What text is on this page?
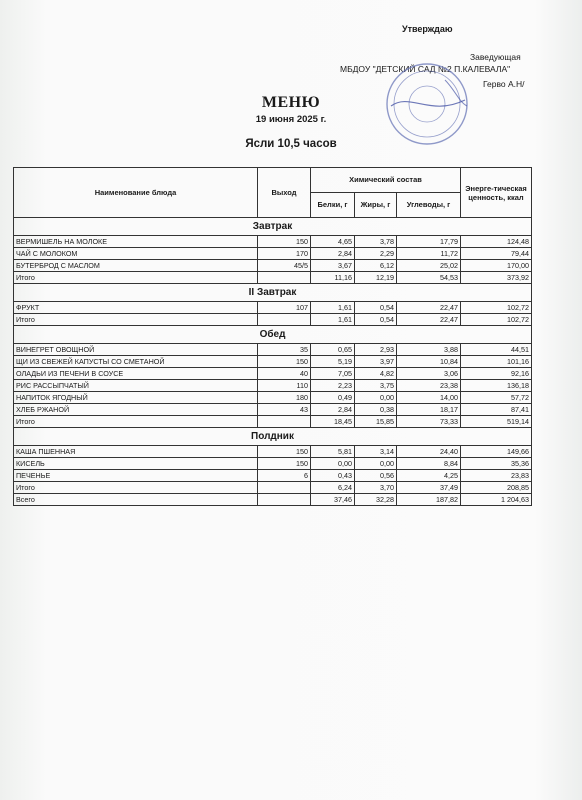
Утверждаю
Заведующая
МБДОУ "ДЕТСКИЙ САД №2 П.КАЛЕВАЛА"
Герво А.Н/
МЕНЮ
19 июня 2025 г.
Ясли 10,5 часов
Наименование блюда	Выход	Химический состав			Энерге-тическая ценность, ккал
		Белки, г	Жиры, г	Углеводы, г	
Завтрак					
ВЕРМИШЕЛЬ НА МОЛОКЕ	150	4,65	3,78	17,79	124,48
ЧАЙ С МОЛОКОМ	170	2,84	2,29	11,72	79,44
БУТЕРБРОД С МАСЛОМ	45/5	3,67	6,12	25,02	170,00
Итого		11,16	12,19	54,53	373,92
II Завтрак					
ФРУКТ	107	1,61	0,54	22,47	102,72
Итого		1,61	0,54	22,47	102,72
Обед					
ВИНЕГРЕТ ОВОЩНОЙ	35	0,65	2,93	3,88	44,51
ЩИ ИЗ СВЕЖЕЙ КАПУСТЫ СО СМЕТАНОЙ	150	5,19	3,97	10,84	101,16
ОЛАДЬИ ИЗ ПЕЧЕНИ В СОУСЕ	40	7,05	4,82	3,06	92,16
РИС РАССЫПЧАТЫЙ	110	2,23	3,75	23,38	136,18
НАПИТОК ЯГОДНЫЙ	180	0,49	0,00	14,00	57,72
ХЛЕБ РЖАНОЙ	43	2,84	0,38	18,17	87,41
Итого		18,45	15,85	73,33	519,14
Полдник					
КАША ПШЕННАЯ	150	5,81	3,14	24,40	149,66
КИСЕЛЬ	150	0,00	0,00	8,84	35,36
ПЕЧЕНЬЕ	6	0,43	0,56	4,25	23,83
Итого		6,24	3,70	37,49	208,85
Всего		37,46	32,28	187,82	1 204,63
